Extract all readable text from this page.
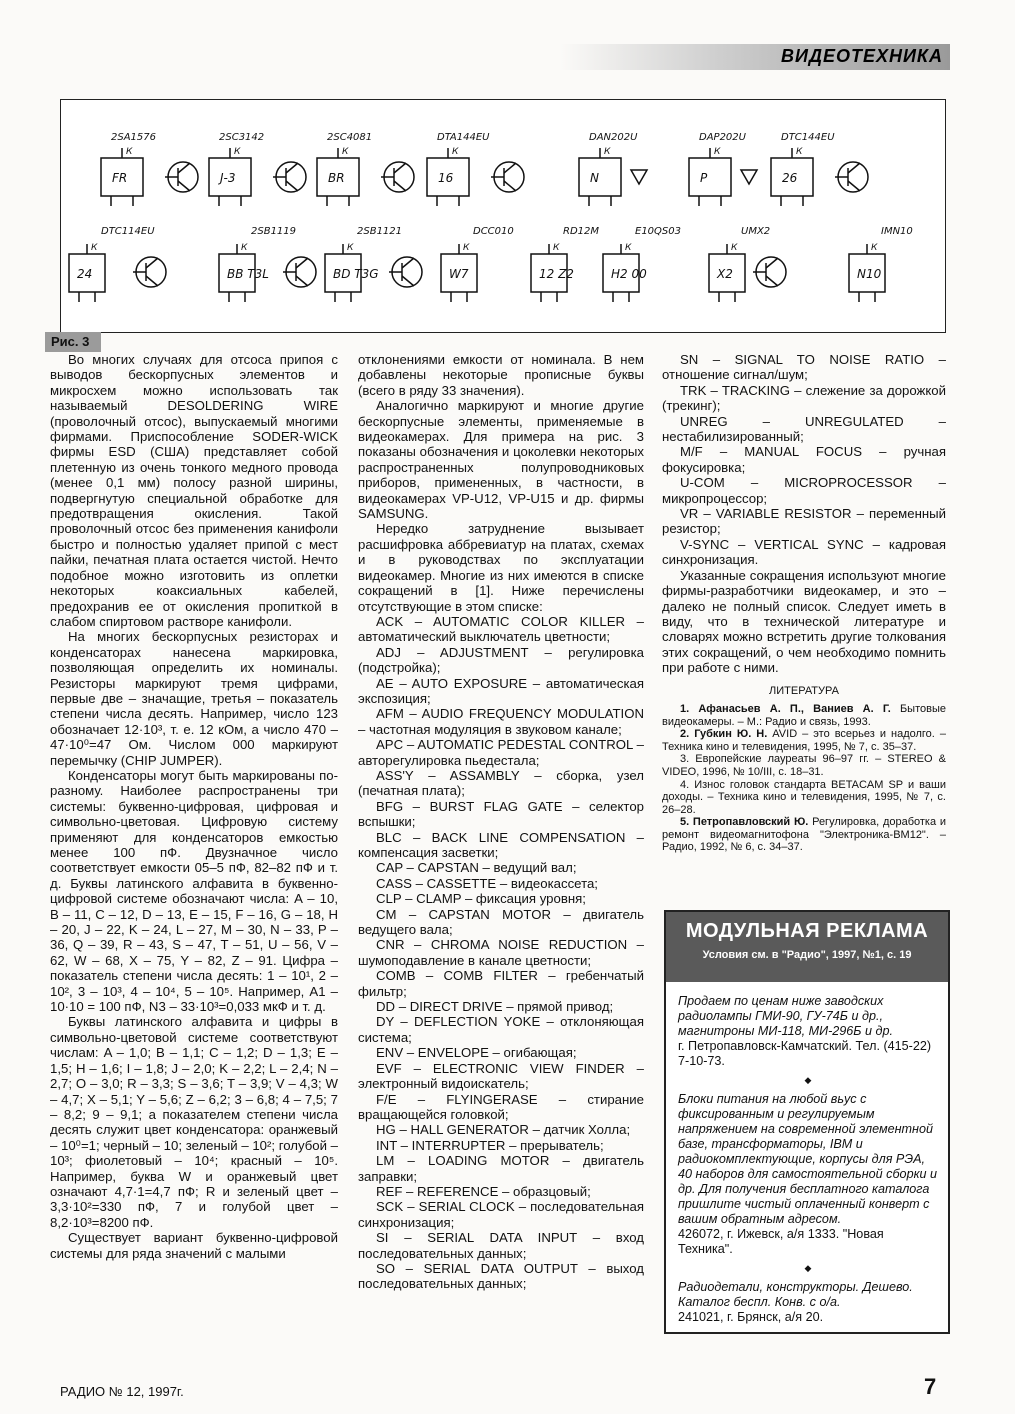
ВИДЕОТЕХНИКА
2SA1576
FR
К
2SC3142
J-3
К
2SC4081
BR
К
DTA144EU
16
К
DAN202U
N
К
DAP202U
P
К
DTC144EU
26
К
DTC114EU
24
К
2SB1119
BB T3L
К
2SB1121
BD T3G
К
DCC010
W7
К
RD12M
12 Z2
К
E10QS03
H2 00
К
UMX2
X2
К
IMN10
N10
К
Рис. 3

Во многих случаях для отсоса припоя с выводов бескорпусных элементов и микросхем можно использовать так называемый DESOLDERING WIRE (проволочный отсос), выпускаемый многими фирмами. Приспособление SODER-WICK фирмы ESD (США) представляет собой плетенную из очень тонкого медного провода (менее 0,1 мм) полосу разной ширины, подвергнутую специальной обработке для предотвращения окисления. Такой проволочный отсос без применения канифоли быстро и полностью удаляет припой с мест пайки, печатная плата остается чистой. Нечто подобное можно изготовить из оплетки некоторых коаксиальных кабелей, предохранив ее от окисления пропиткой в слабом спиртовом растворе канифоли.

На многих бескорпусных резисторах и конденсаторах нанесена маркировка, позволяющая определить их номиналы. Резисторы маркируют тремя цифрами, первые две – значащие, третья – показатель степени числа десять. Например, число 123 обозначает 12·10³, т. е. 12 кОм, а число 470 – 47·10⁰=47 Ом. Числом 000 маркируют перемычку (CHIP JUMPER).

Конденсаторы могут быть маркированы по-разному. Наиболее распространены три системы: буквенно-цифровая, цифровая и символьно-цветовая. Цифровую систему применяют для конденсаторов емкостью менее 100 пФ. Двузначное число соответствует емкости 05–5 пФ, 82–82 пФ и т. д. Буквы латинского алфавита в буквенно-цифровой системе обозначают числа: A – 10, B – 11, C – 12, D – 13, E – 15, F – 16, G – 18, H – 20, J – 22, K – 24, L – 27, M – 30, N – 33, P – 36, Q – 39, R – 43, S – 47, T – 51, U – 56, V – 62, W – 68, X – 75, Y – 82, Z – 91. Цифра – показатель степени числа десять: 1 – 10¹, 2 – 10², 3 – 10³, 4 – 10⁴, 5 – 10⁵. Например, A1 – 10·10 = 100 пФ, N3 – 33·10³=0,033 мкФ и т. д.

Буквы латинского алфавита и цифры в символьно-цветовой системе соответствуют числам: A – 1,0; B – 1,1; C – 1,2; D – 1,3; E – 1,5; H – 1,6; I – 1,8; J – 2,0; K – 2,2; L – 2,4; N – 2,7; O – 3,0; R – 3,3; S – 3,6; T – 3,9; V – 4,3; W – 4,7; X – 5,1; Y – 5,6; Z – 6,2; 3 – 6,8; 4 – 7,5; 7 – 8,2; 9 – 9,1; а показателем степени числа десять служит цвет конденсатора: оранжевый – 10⁰=1; черный – 10; зеленый – 10²; голубой – 10³; фиолетовый – 10⁴; красный – 10⁵. Например, буква W и оранжевый цвет означают 4,7·1=4,7 пФ; R и зеленый цвет – 3,3·10²=330 пФ, 7 и голубой цвет – 8,2·10³=8200 пФ.

Существует вариант буквенно-цифровой системы для ряда значений с малыми

отклонениями емкости от номинала. В нем добавлены некоторые прописные буквы (всего в ряду 33 значения).

Аналогично маркируют и многие другие бескорпусные элементы, применяемые в видеокамерах. Для примера на рис. 3 показаны обозначения и цоколевки некоторых распространенных полупроводниковых приборов, примененных, в частности, в видеокамерах VP-U12, VP-U15 и др. фирмы SAMSUNG.

Нередко затруднение вызывает расшифровка аббревиатур на платах, схемах и в руководствах по эксплуатации видеокамер. Многие из них имеются в списке сокращений в [1]. Ниже перечислены отсутствующие в этом списке:

ACK – AUTOMATIC COLOR KILLER – автоматический выключатель цветности;

ADJ – ADJUSTMENT – регулировка (подстройка);

AE – AUTO EXPOSURE – автоматическая экспозиция;

AFM – AUDIO FREQUENCY MODULATION – частотная модуляция в звуковом канале;

APC – AUTOMATIC PEDESTAL CONTROL – авторегулировка пьедестала;

ASS'Y – ASSAMBLY – сборка, узел (печатная плата);

BFG – BURST FLAG GATE – селектор вспышки;

BLC – BACK LINE COMPENSATION – компенсация засветки;

CAP – CAPSTAN – ведущий вал;

CASS – CASSETTE – видеокассета;

CLP – CLAMP – фиксация уровня;

CM – CAPSTAN MOTOR – двигатель ведущего вала;

CNR – CHROMA NOISE REDUCTION – шумоподавление в канале цветности;

COMB – COMB FILTER – гребенчатый фильтр;

DD – DIRECT DRIVE – прямой привод;

DY – DEFLECTION YOKE – отклоняющая система;

ENV – ENVELOPE – огибающая;

EVF – ELECTRONIC VIEW FINDER – электронный видоискатель;

F/E – FLYINGERASE – стирание вращающейся головкой;

HG – HALL GENERATOR – датчик Холла;

INT – INTERRUPTER – прерыватель;

LM – LOADING MOTOR – двигатель заправки;

REF – REFERENCE – образцовый;

SCK – SERIAL CLOCK – последовательная синхронизация;

SI – SERIAL DATA INPUT – вход последовательных данных;

SO – SERIAL DATA OUTPUT – выход последовательных данных;

SN – SIGNAL TO NOISE RATIO – отношение сигнал/шум;

TRK – TRACKING – слежение за дорожкой (трекинг);

UNREG – UNREGULATED – нестабилизированный;

M/F – MANUAL FOCUS – ручная фокусировка;

U-COM – MICROPROCESSOR – микропроцессор;

VR – VARIABLE RESISTOR – переменный резистор;

V-SYNC – VERTICAL SYNC – кадровая синхронизация.

Указанные сокращения используют многие фирмы-разработчики видеокамер, и это – далеко не полный список. Следует иметь в виду, что в технической литературе и словарях можно встретить другие толкования этих сокращений, о чем необходимо помнить при работе с ними.

ЛИТЕРАТУРА

1. Афанасьев А. П., Ваниев А. Г. Бытовые видеокамеры. – М.: Радио и связь, 1993.

2. Губкин Ю. Н. AVID – это всерьез и надолго. – Техника кино и телевидения, 1995, № 7, с. 35–37.

3. Европейские лауреаты 96–97 гг. – STEREO & VIDEO, 1996, № 10/III, с. 18–31.

4. Износ головок стандарта BETACAM SP и ваши доходы. – Техника кино и телевидения, 1995, № 7, с. 26–28.

5. Петропавловский Ю. Регулировка, доработка и ремонт видеомагнитофона "Электроника-ВМ12". – Радио, 1992, № 6, с. 34–37.

МОДУЛЬНАЯ РЕКЛАМА
Условия см. в "Радио", 1997, №1, с. 19
Продаем по ценам ниже заводских радиолампы ГМИ-90, ГУ-74Б и др., магнитроны МИ-118, МИ-296Б и др.
г. Петропавловск-Камчатский. Тел. (415-22) 7-10-73.
◆
Блоки питания на любой вьус с фиксированным и регулируемым напряжением на современной элементной базе, трансформаторы, IBM и радиокомплектующие, корпусы для РЭА, 40 наборов для самостоятельной сборки и др. Для получения бесплатного каталога пришлите чистый оплаченный конверт с вашим обратным адресом.
426072, г. Ижевск, а/я 1333. "Новая Техника".
◆
Радиодетали, конструкторы. Дешево. Каталог беспл. Конв. с о/а.
241021, г. Брянск, а/я 20.
РАДИО № 12, 1997г.	7
